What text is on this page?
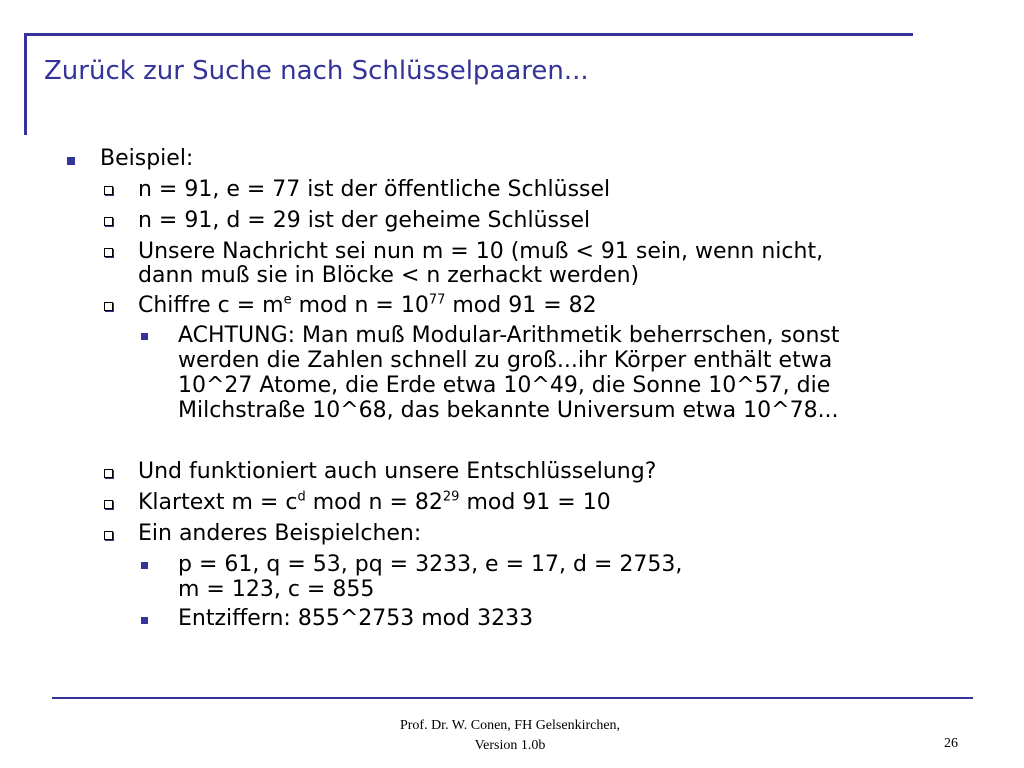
Zurück zur Suche nach Schlüsselpaaren...
Beispiel:
n = 91, e = 77 ist der öffentliche Schlüssel
n = 91, d = 29 ist der geheime Schlüssel
Unsere Nachricht sei nun m = 10 (muß < 91 sein, wenn nicht,
dann muß sie in Blöcke < n zerhackt werden)
Chiffre $c = m^e$ mod $n = 10^{77}$ mod 91 = 82
ACHTUNG: Man muß Modular-Arithmetik beherrschen, sonst
werden die Zahlen schnell zu groß...ihr Körper enthält etwa
10^27 Atome, die Erde etwa 10^49, die Sonne 10^57, die
Milchstraße 10^68, das bekannte Universum etwa 10^78...
Und funktioniert auch unsere Entschlüsselung?
Klartext $m = c^d$ mod $n = 82^{29}$ mod 91 = 10
Ein anderes Beispielchen:
p = 61, q = 53, pq = 3233, e = 17, d = 2753,
m = 123, c = 855
Entziffern: 855^2753 mod 3233
Prof. Dr. W. Conen, FH Gelsenkirchen,
Version 1.0b	26
